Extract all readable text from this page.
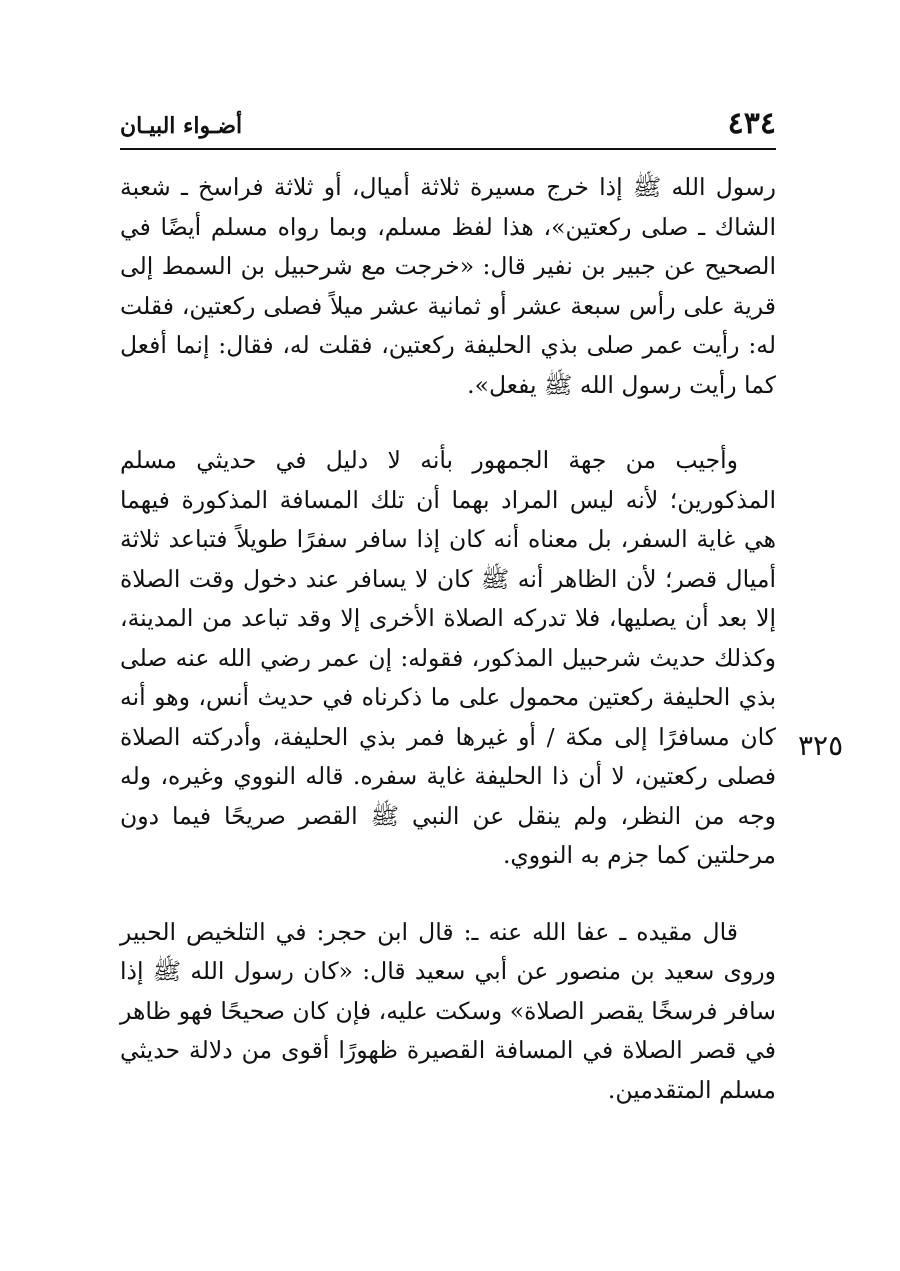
٤٣٤
أضـواء البيـان
٣٢٥

رسول الله ﷺ إذا خرج مسيرة ثلاثة أميال، أو ثلاثة فراسخ ـ شعبة الشاك ـ صلى ركعتين»، هذا لفظ مسلم، وبما رواه مسلم أيضًا في الصحيح عن جبير بن نفير قال: «خرجت مع شرحبيل بن السمط إلى قرية على رأس سبعة عشر أو ثمانية عشر ميلاً فصلى ركعتين، فقلت له: رأيت عمر صلى بذي الحليفة ركعتين، فقلت له، فقال: إنما أفعل كما رأيت رسول الله ﷺ يفعل».

وأجيب من جهة الجمهور بأنه لا دليل في حديثي مسلم المذكورين؛ لأنه ليس المراد بهما أن تلك المسافة المذكورة فيهما هي غاية السفر، بل معناه أنه كان إذا سافر سفرًا طويلاً فتباعد ثلاثة أميال قصر؛ لأن الظاهر أنه ﷺ كان لا يسافر عند دخول وقت الصلاة إلا بعد أن يصليها، فلا تدركه الصلاة الأخرى إلا وقد تباعد من المدينة، وكذلك حديث شرحبيل المذكور، فقوله: إن عمر رضي الله عنه صلى بذي الحليفة ركعتين محمول على ما ذكرناه في حديث أنس، وهو أنه كان مسافرًا إلى مكة / أو غيرها فمر بذي الحليفة، وأدركته الصلاة فصلى ركعتين، لا أن ذا الحليفة غاية سفره. قاله النووي وغيره، وله وجه من النظر، ولم ينقل عن النبي ﷺ القصر صريحًا فيما دون مرحلتين كما جزم به النووي.

قال مقيده ـ عفا الله عنه ـ: قال ابن حجر: في التلخيص الحبير وروى سعيد بن منصور عن أبي سعيد قال: «كان رسول الله ﷺ إذا سافر فرسخًا يقصر الصلاة» وسكت عليه، فإن كان صحيحًا فهو ظاهر في قصر الصلاة في المسافة القصيرة ظهورًا أقوى من دلالة حديثي مسلم المتقدمين.
